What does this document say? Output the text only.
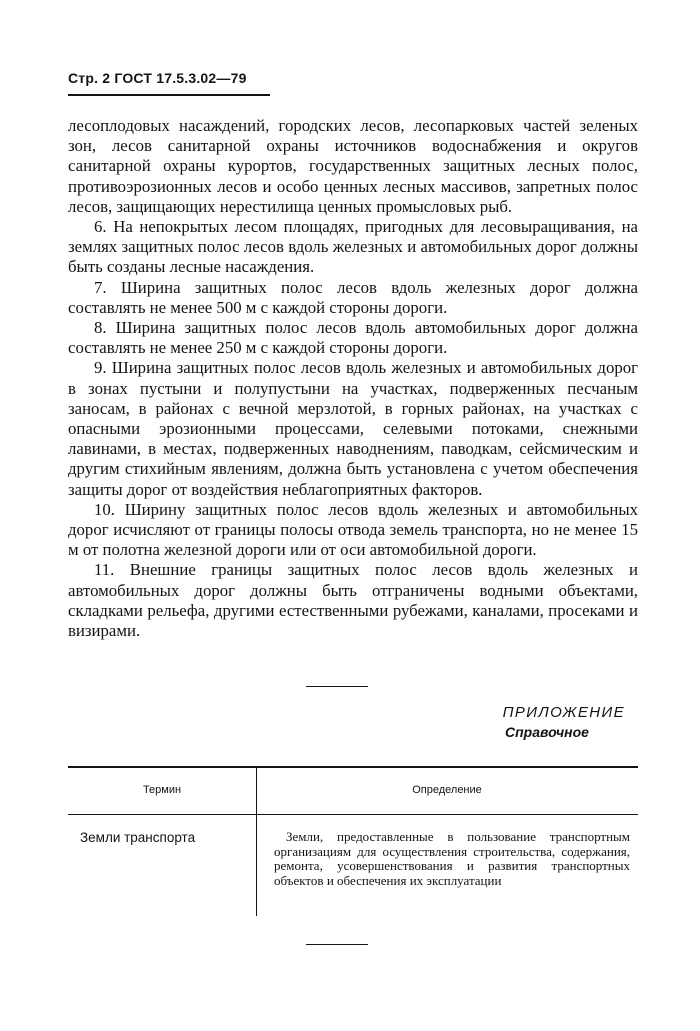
Стр. 2 ГОСТ 17.5.3.02—79

лесоплодовых насаждений, городских лесов, лесопарковых частей зеленых зон, лесов санитарной охраны источников водоснабжения и округов санитарной охраны курортов, государственных защитных лесных полос, противоэрозионных лесов и особо ценных лесных массивов, запретных полос лесов, защищающих нерестилища ценных промысловых рыб.

6. На непокрытых лесом площадях, пригодных для лесовыращивания, на землях защитных полос лесов вдоль железных и автомобильных дорог должны быть созданы лесные насаждения.

7. Ширина защитных полос лесов вдоль железных дорог должна составлять не менее 500 м с каждой стороны дороги.

8. Ширина защитных полос лесов вдоль автомобильных дорог должна составлять не менее 250 м с каждой стороны дороги.

9. Ширина защитных полос лесов вдоль железных и автомобильных дорог в зонах пустыни и полупустыни на участках, подверженных песчаным заносам, в районах с вечной мерзлотой, в горных районах, на участках с опасными эрозионными процессами, селевыми потоками, снежными лавинами, в местах, подверженных наводнениям, паводкам, сейсмическим и другим стихийным явлениям, должна быть установлена с учетом обеспечения защиты дорог от воздействия неблагоприятных факторов.

10. Ширину защитных полос лесов вдоль железных и автомобильных дорог исчисляют от границы полосы отвода земель транспорта, но не менее 15 м от полотна железной дороги или от оси автомобильной дороги.

11. Внешние границы защитных полос лесов вдоль железных и автомобильных дорог должны быть отграничены водными объектами, складками рельефа, другими естественными рубежами, каналами, просеками и визирами.

ПРИЛОЖЕНИЕ
Справочное
Термин	Определение
Земли транспорта	Земли, предоставленные в пользование транспортным организациям для осуществления строительства, содержания, ремонта, усовершенствования и развития транспортных объектов и обеспечения их эксплуатации
